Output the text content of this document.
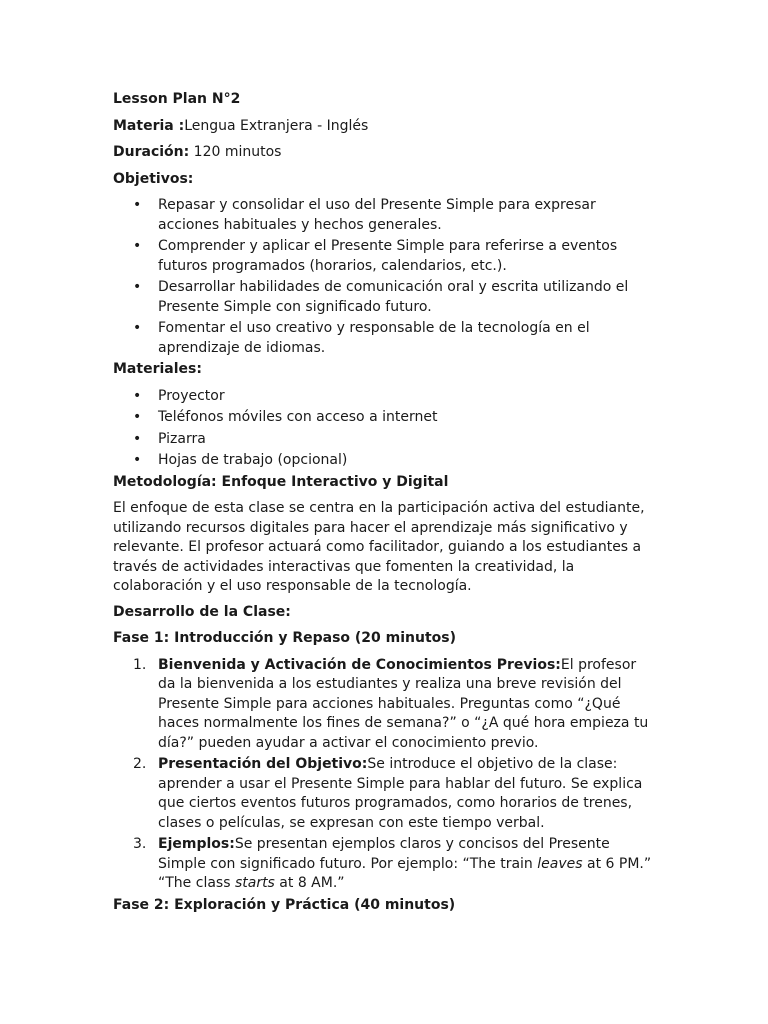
Lesson Plan N°2

Materia :Lengua Extranjera - Inglés

Duración: 120 minutos

Objetivos:

• Repasar y consolidar el uso del Presente Simple para expresar acciones habituales y hechos generales.
• Comprender y aplicar el Presente Simple para referirse a eventos futuros programados (horarios, calendarios, etc.).
• Desarrollar habilidades de comunicación oral y escrita utilizando el Presente Simple con significado futuro.
• Fomentar el uso creativo y responsable de la tecnología en el aprendizaje de idiomas.

Materiales:

• Proyector
• Teléfonos móviles con acceso a internet
• Pizarra
• Hojas de trabajo (opcional)

Metodología: Enfoque Interactivo y Digital

El enfoque de esta clase se centra en la participación activa del estudiante, utilizando recursos digitales para hacer el aprendizaje más significativo y relevante. El profesor actuará como facilitador, guiando a los estudiantes a través de actividades interactivas que fomenten la creatividad, la colaboración y el uso responsable de la tecnología.

Desarrollo de la Clase:

Fase 1: Introducción y Repaso (20 minutos)

1. Bienvenida y Activación de Conocimientos Previos:El profesor da la bienvenida a los estudiantes y realiza una breve revisión del Presente Simple para acciones habituales. Preguntas como “¿Qué haces normalmente los fines de semana?” o “¿A qué hora empieza tu día?” pueden ayudar a activar el conocimiento previo.
2. Presentación del Objetivo:Se introduce el objetivo de la clase: aprender a usar el Presente Simple para hablar del futuro. Se explica que ciertos eventos futuros programados, como horarios de trenes, clases o películas, se expresan con este tiempo verbal.
3. Ejemplos:Se presentan ejemplos claros y concisos del Presente Simple con significado futuro. Por ejemplo: “The train leaves at 6 PM.” “The class starts at 8 AM.”

Fase 2: Exploración y Práctica (40 minutos)
